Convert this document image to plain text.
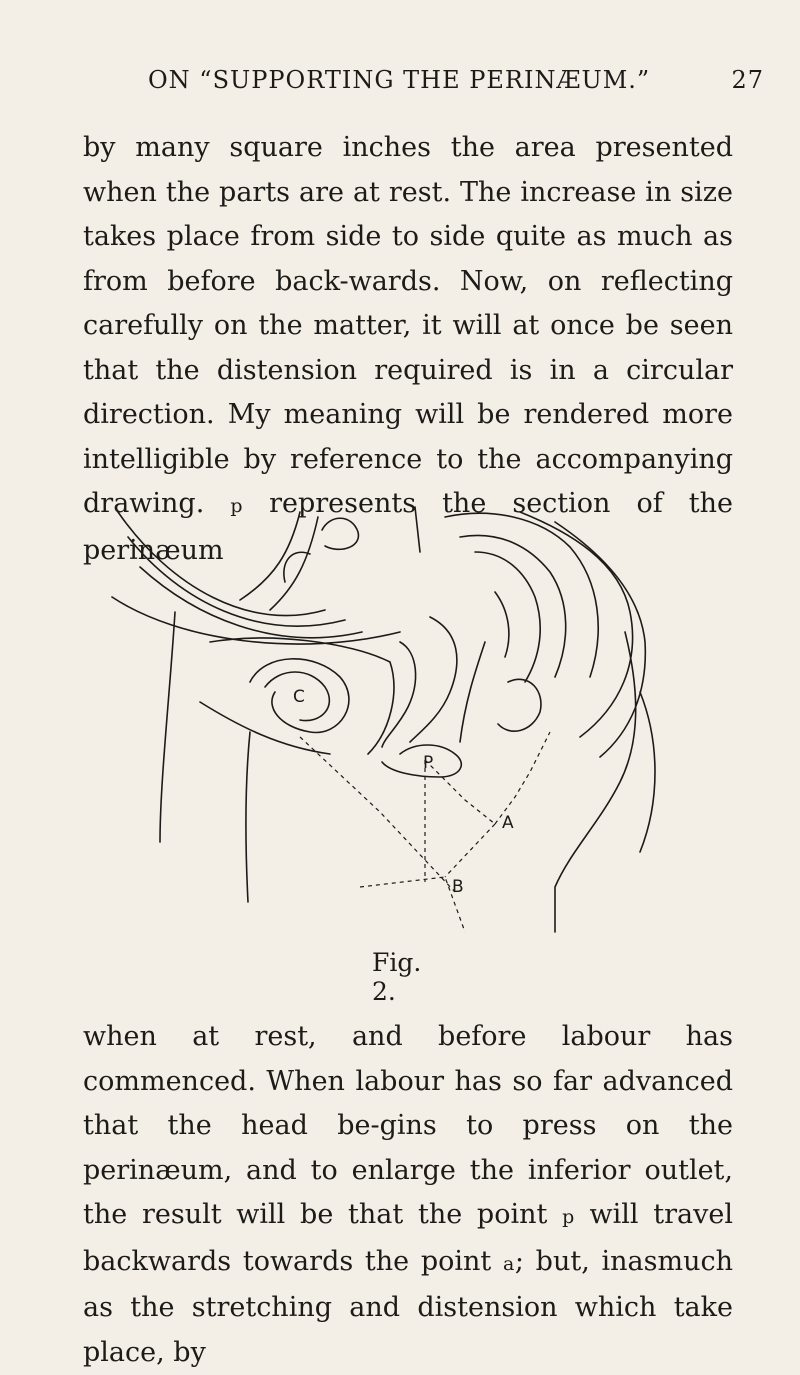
ON “SUPPORTING THE PERINÆUM.”	27

by many square inches the area presented when the parts are at rest. The increase in size takes place from side to side quite as much as from before back-wards. Now, on reflecting carefully on the matter, it will at once be seen that the distension required is in a circular direction. My meaning will be rendered more intelligible by reference to the accompanying drawing. p represents the section of the perinæum

C
P
A
B
Fig. 2.

when at rest, and before labour has commenced. When labour has so far advanced that the head be-gins to press on the perinæum, and to enlarge the inferior outlet, the result will be that the point p will travel backwards towards the point a; but, inasmuch as the stretching and distension which take place, by
